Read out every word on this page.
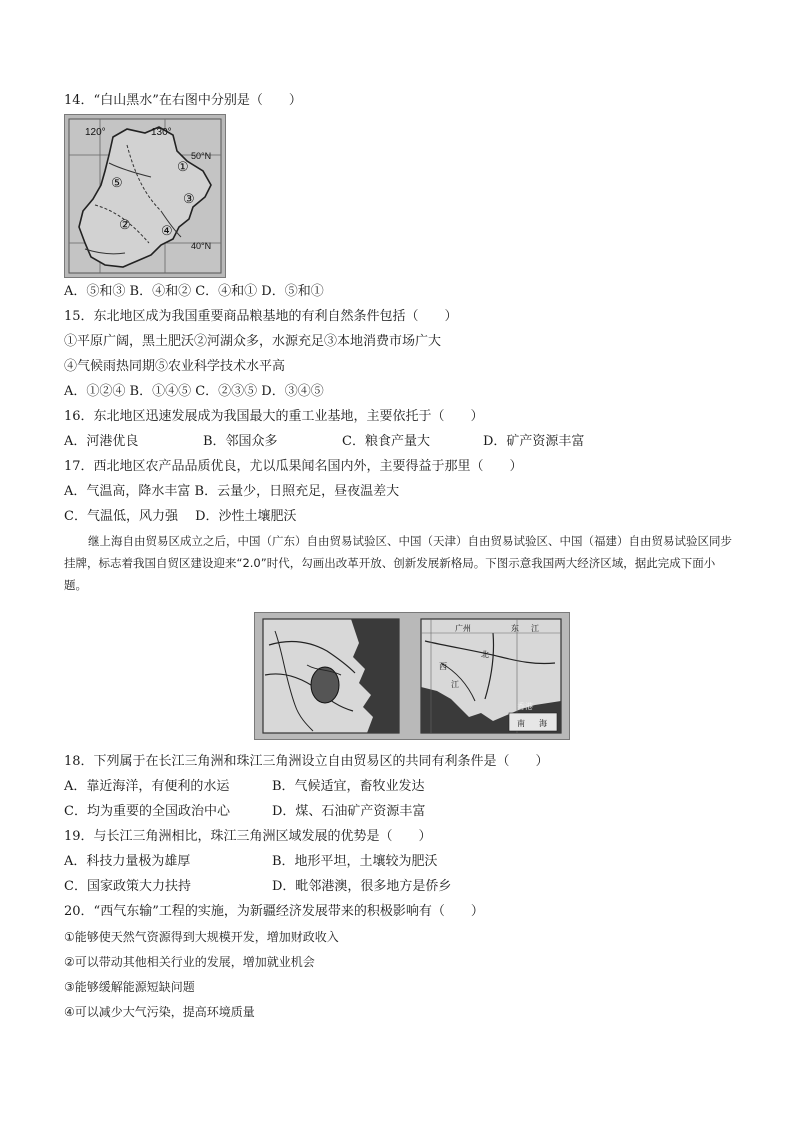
14．“白山黑水”在右图中分别是（　　）
120°	130°
50°N
40°N
①
②
③
④
⑤
A．⑤和③ B．④和② C．④和① D．⑤和①
15．东北地区成为我国重要商品粮基地的有利自然条件包括（　　）
①平原广阔，黑土肥沃②河湖众多，水源充足③本地消费市场广大
④气候雨热同期⑤农业科学技术水平高
A．①②④ B．①④⑤ C．②③⑤ D．③④⑤
16．东北地区迅速发展成为我国最大的重工业基地，主要依托于（　　）
A．河港优良	B．邻国众多	C．粮食产量大	D．矿产资源丰富
17．西北地区农产品品质优良，尤以瓜果闻名国内外，主要得益于那里（　　）
A．气温高，降水丰富 B．云量少，日照充足，昼夜温差大
C．气温低，风力强　 D．沙性土壤肥沃
继上海自由贸易区成立之后，中国（广东）自由贸易试验区、中国（天津）自由贸易试验区、中国（福建）自由贸易试验区同步挂牌，标志着我国自贸区建设迎来“2.0”时代，勾画出改革开放、创新发展新格局。下图示意我国两大经济区域，据此完成下面小题。
广州	东 江
北
西
江
香港
南 海
18．下列属于在长江三角洲和珠江三角洲设立自由贸易区的共同有利条件是（　　）
A．靠近海洋，有便利的水运	B．气候适宜，畜牧业发达
C．均为重要的全国政治中心	D．煤、石油矿产资源丰富
19．与长江三角洲相比，珠江三角洲区域发展的优势是（　　）
A．科技力量极为雄厚	B．地形平坦，土壤较为肥沃
C．国家政策大力扶持	D．毗邻港澳，很多地方是侨乡
20．“西气东输”工程的实施，为新疆经济发展带来的积极影响有（　　）
①能够使天然气资源得到大规模开发，增加财政收入
②可以带动其他相关行业的发展，增加就业机会
③能够缓解能源短缺问题
④可以减少大气污染，提高环境质量
